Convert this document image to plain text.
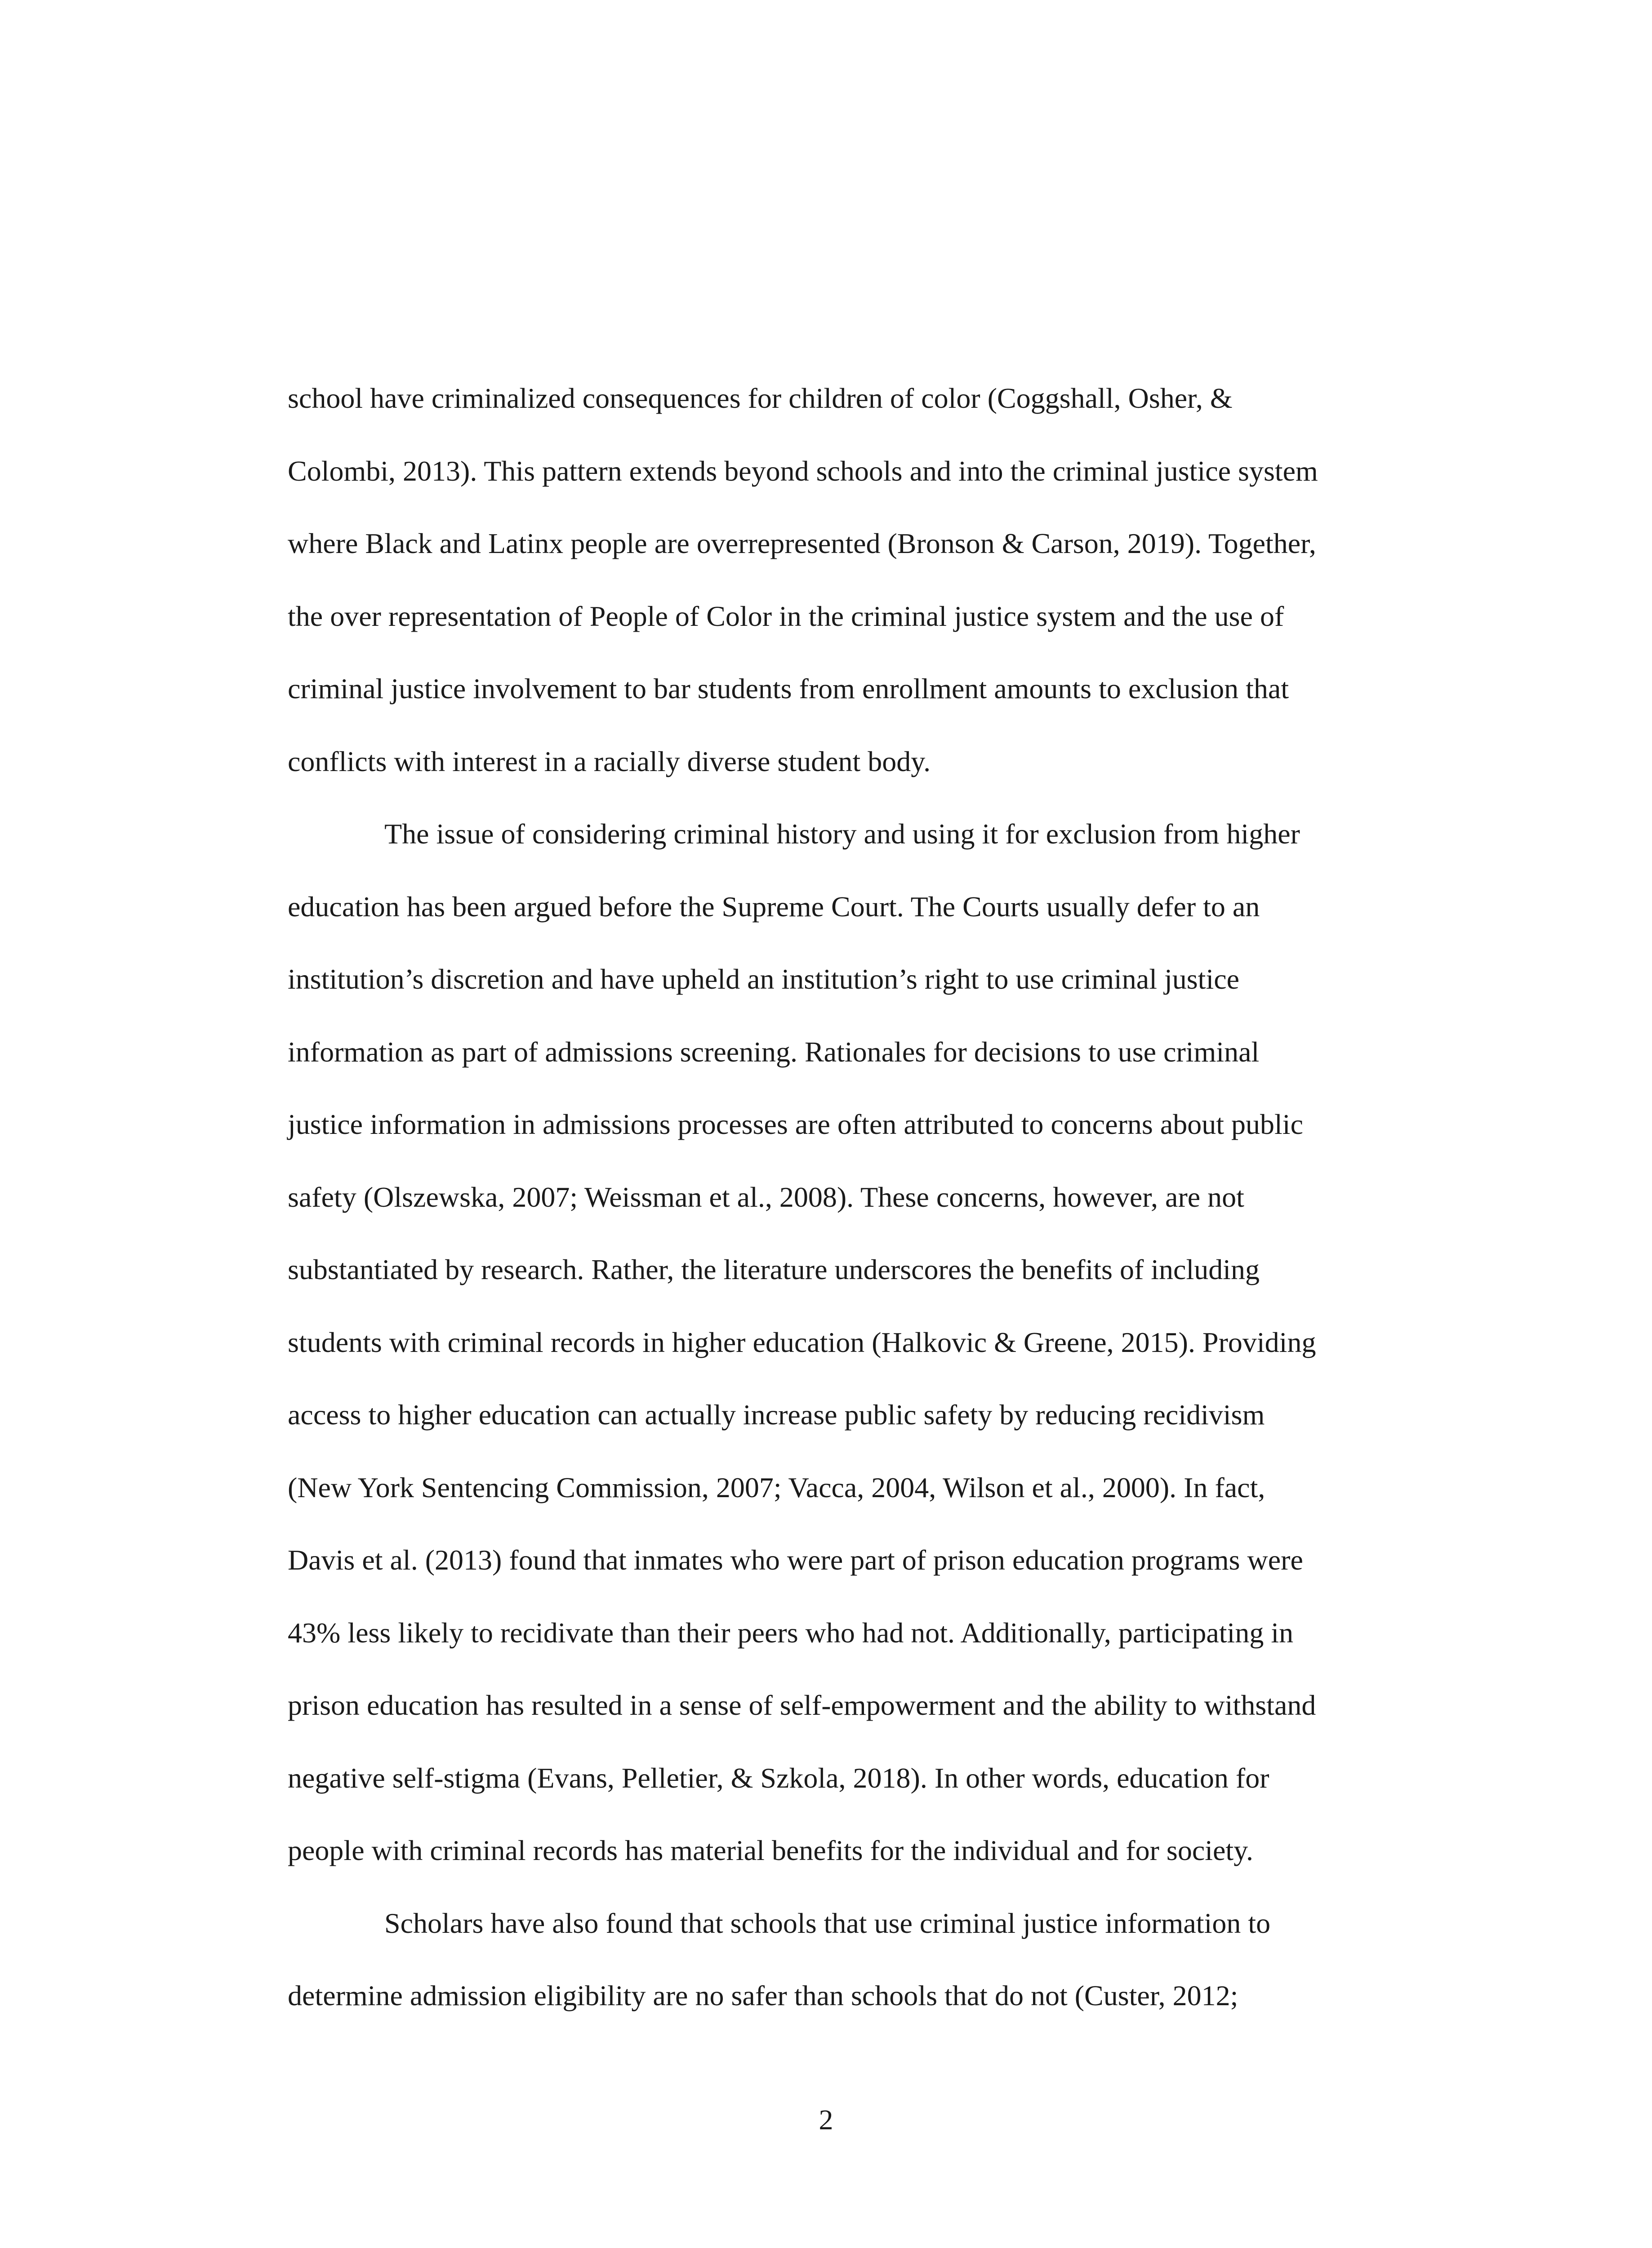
school have criminalized consequences for children of color (Coggshall, Osher, &
Colombi, 2013). This pattern extends beyond schools and into the criminal justice system
where Black and Latinx people are overrepresented (Bronson & Carson, 2019). Together,
the over representation of People of Color in the criminal justice system and the use of
criminal justice involvement to bar students from enrollment amounts to exclusion that
conflicts with interest in a racially diverse student body.
The issue of considering criminal history and using it for exclusion from higher
education has been argued before the Supreme Court. The Courts usually defer to an
institution’s discretion and have upheld an institution’s right to use criminal justice
information as part of admissions screening. Rationales for decisions to use criminal
justice information in admissions processes are often attributed to concerns about public
safety (Olszewska, 2007; Weissman et al., 2008). These concerns, however, are not
substantiated by research. Rather, the literature underscores the benefits of including
students with criminal records in higher education (Halkovic & Greene, 2015). Providing
access to higher education can actually increase public safety by reducing recidivism
(New York Sentencing Commission, 2007; Vacca, 2004, Wilson et al., 2000). In fact,
Davis et al. (2013) found that inmates who were part of prison education programs were
43% less likely to recidivate than their peers who had not. Additionally, participating in
prison education has resulted in a sense of self-empowerment and the ability to withstand
negative self-stigma (Evans, Pelletier, & Szkola, 2018). In other words, education for
people with criminal records has material benefits for the individual and for society.
Scholars have also found that schools that use criminal justice information to
determine admission eligibility are no safer than schools that do not (Custer, 2012;
2
